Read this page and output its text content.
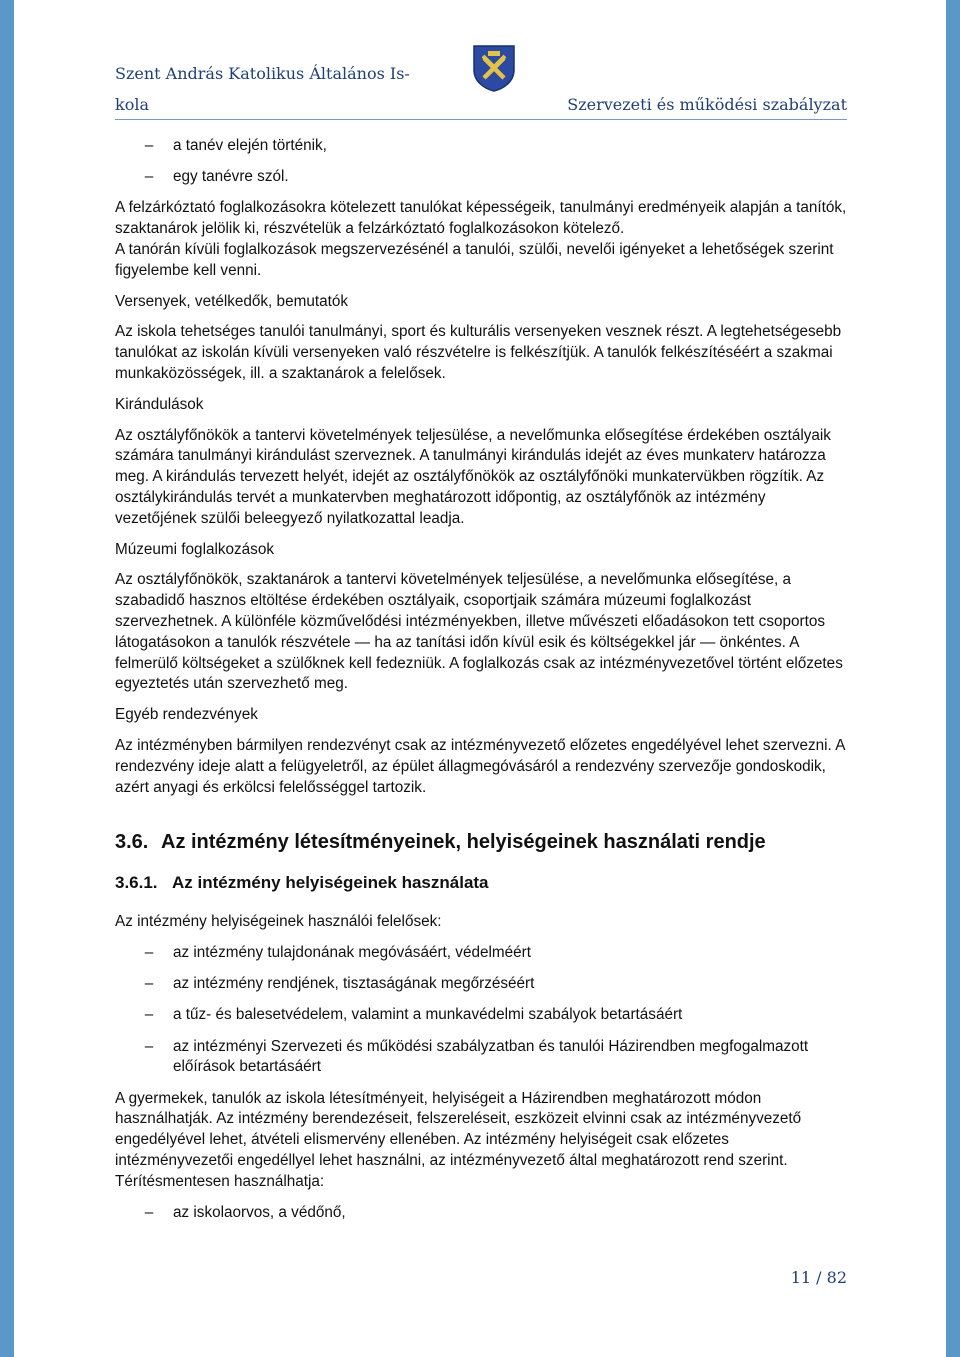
Szent András Katolikus Általános Is-
kola	Szervezeti és működési szabályzat
–	a tanév elején történik,
–	egy tanévre szól.

A felzárkóztató foglalkozásokra kötelezett tanulókat képességeik, tanulmányi eredményeik alapján a tanítók, szaktanárok jelölik ki, részvételük a felzárkóztató foglalkozásokon kötelező.

A tanórán kívüli foglalkozások megszervezésénél a tanulói, szülői, nevelői igényeket a lehetőségek szerint figyelembe kell venni.

Versenyek, vetélkedők, bemutatók

Az iskola tehetséges tanulói tanulmányi, sport és kulturális versenyeken vesznek részt. A legtehetségesebb tanulókat az iskolán kívüli versenyeken való részvételre is felkészítjük. A tanulók felkészítéséért a szakmai munkaközösségek, ill. a szaktanárok a felelősek.

Kirándulások

Az osztályfőnökök a tantervi követelmények teljesülése, a nevelőmunka elősegítése érdekében osztályaik számára tanulmányi kirándulást szerveznek. A tanulmányi kirándulás idejét az éves munkaterv határozza meg. A kirándulás tervezett helyét, idejét az osztályfőnökök az osztályfőnöki munkatervükben rögzítik. Az osztálykirándulás tervét a munkatervben meghatározott időpontig, az osztályfőnök az intézmény vezetőjének szülői beleegyező nyilatkozattal leadja.

Múzeumi foglalkozások

Az osztályfőnökök, szaktanárok a tantervi követelmények teljesülése, a nevelőmunka elősegítése, a szabadidő hasznos eltöltése érdekében osztályaik, csoportjaik számára múzeumi foglalkozást szervezhetnek. A különféle közművelődési intézményekben, illetve művészeti előadásokon tett csoportos látogatásokon a tanulók részvétele — ha az tanítási időn kívül esik és költségekkel jár — önkéntes. A felmerülő költségeket a szülőknek kell fedezniük. A foglalkozás csak az intézményvezetővel történt előzetes egyeztetés után szervezhető meg.

Egyéb rendezvények

Az intézményben bármilyen rendezvényt csak az intézményvezető előzetes engedélyével lehet szervezni. A rendezvény ideje alatt a felügyeletről, az épület állagmegóvásáról a rendezvény szervezője gondoskodik, azért anyagi és erkölcsi felelősséggel tartozik.

3.6. Az intézmény létesítményeinek, helyiségeinek használati rendje
3.6.1. Az intézmény helyiségeinek használata

Az intézmény helyiségeinek használói felelősek:

–	az intézmény tulajdonának megóvásáért, védelméért
–	az intézmény rendjének, tisztaságának megőrzéséért
–	a tűz- és balesetvédelem, valamint a munkavédelmi szabályok betartásáért
–	az intézményi Szervezeti és működési szabályzatban és tanulói Házirendben megfogalmazott előírások betartásáért

A gyermekek, tanulók az iskola létesítményeit, helyiségeit a Házirendben meghatározott módon használhatják. Az intézmény berendezéseit, felszereléseit, eszközeit elvinni csak az intézményvezető engedélyével lehet, átvételi elismervény ellenében. Az intézmény helyiségeit csak előzetes intézményvezetői engedéllyel lehet használni, az intézményvezető által meghatározott rend szerint. Térítésmentesen használhatja:

–	az iskolaorvos, a védőnő,
11 / 82
